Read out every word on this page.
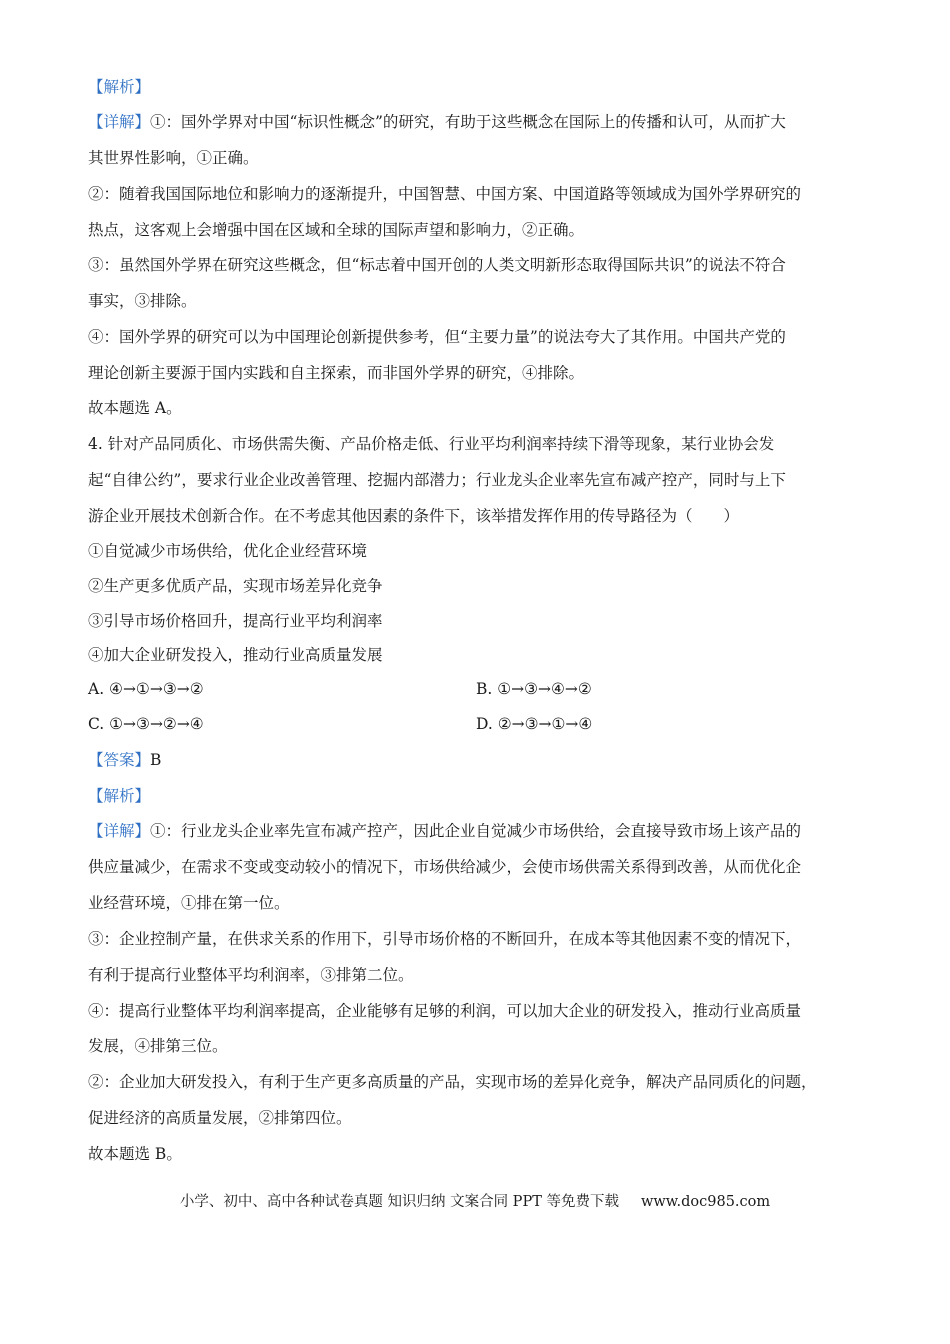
【解析】
【详解】①：国外学界对中国“标识性概念”的研究，有助于这些概念在国际上的传播和认可，从而扩大
其世界性影响，①正确。
②：随着我国国际地位和影响力的逐渐提升，中国智慧、中国方案、中国道路等领域成为国外学界研究的
热点，这客观上会增强中国在区域和全球的国际声望和影响力，②正确。
③：虽然国外学界在研究这些概念，但“标志着中国开创的人类文明新形态取得国际共识”的说法不符合
事实，③排除。
④：国外学界的研究可以为中国理论创新提供参考，但“主要力量”的说法夸大了其作用。中国共产党的
理论创新主要源于国内实践和自主探索，而非国外学界的研究，④排除。
故本题选 A。
4. 针对产品同质化、市场供需失衡、产品价格走低、行业平均利润率持续下滑等现象，某行业协会发
起“自律公约”，要求行业企业改善管理、挖掘内部潜力；行业龙头企业率先宣布减产控产，同时与上下
游企业开展技术创新合作。在不考虑其他因素的条件下，该举措发挥作用的传导路径为（　　）
①自觉减少市场供给，优化企业经营环境
②生产更多优质产品，实现市场差异化竞争
③引导市场价格回升，提高行业平均利润率
④加大企业研发投入，推动行业高质量发展
A. ④→①→③→②	B. ①→③→④→②
C. ①→③→②→④	D. ②→③→①→④
【答案】B
【解析】
【详解】①：行业龙头企业率先宣布减产控产，因此企业自觉减少市场供给，会直接导致市场上该产品的
供应量减少，在需求不变或变动较小的情况下，市场供给减少，会使市场供需关系得到改善，从而优化企
业经营环境，①排在第一位。
③：企业控制产量，在供求关系的作用下，引导市场价格的不断回升，在成本等其他因素不变的情况下，
有利于提高行业整体平均利润率，③排第二位。
④：提高行业整体平均利润率提高，企业能够有足够的利润，可以加大企业的研发投入，推动行业高质量
发展，④排第三位。
②：企业加大研发投入，有利于生产更多高质量的产品，实现市场的差异化竞争，解决产品同质化的问题，
促进经济的高质量发展，②排第四位。
故本题选 B。
小学、初中、高中各种试卷真题 知识归纳 文案合同 PPT 等免费下载 www.doc985.com
